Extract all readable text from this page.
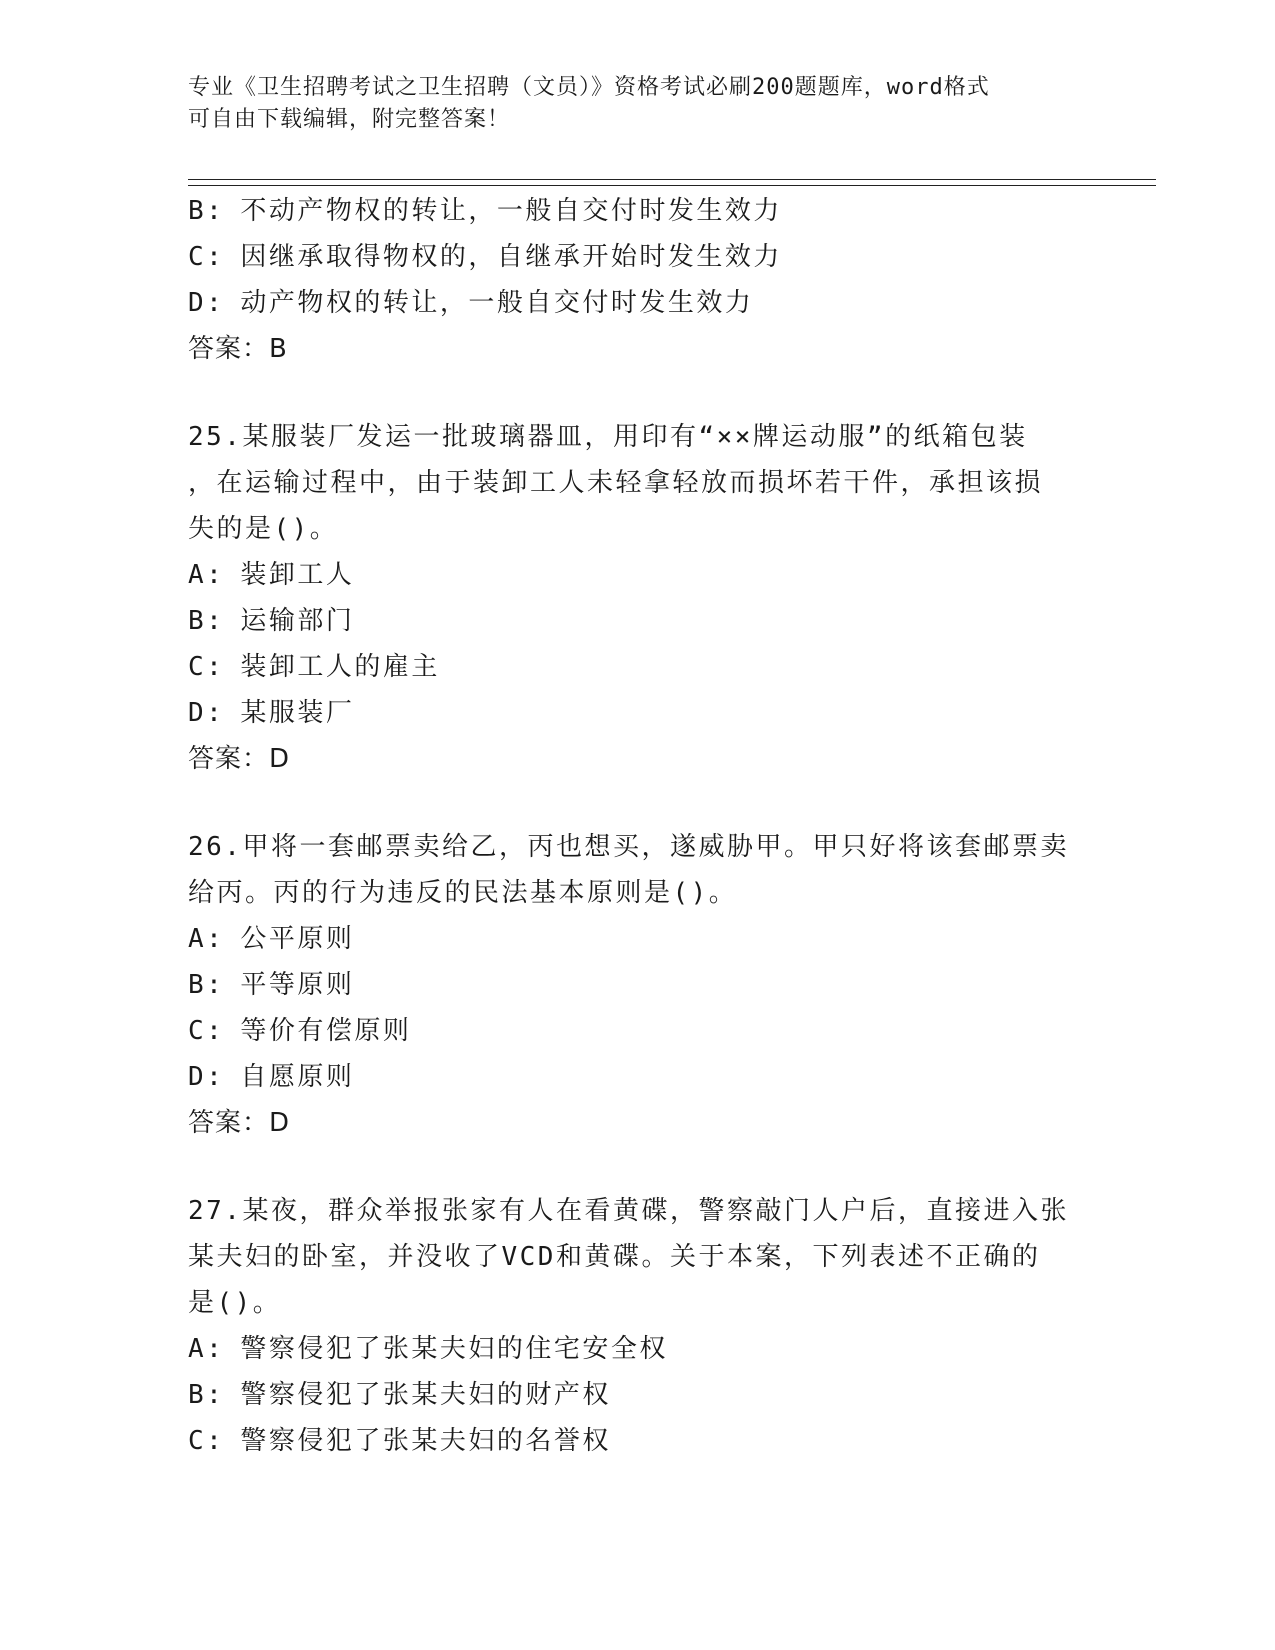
专业《卫生招聘考试之卫生招聘（文员）》资格考试必刷200题题库，word格式
可自由下载编辑，附完整答案！
B: 不动产物权的转让，一般自交付时发生效力
C: 因继承取得物权的，自继承开始时发生效力
D: 动产物权的转让，一般自交付时发生效力
答案：B
25.某服装厂发运一批玻璃器皿，用印有“××牌运动服”的纸箱包装
，在运输过程中，由于装卸工人未轻拿轻放而损坏若干件，承担该损
失的是()。
A: 装卸工人
B: 运输部门
C: 装卸工人的雇主
D: 某服装厂
答案：D
26.甲将一套邮票卖给乙，丙也想买，遂威胁甲。甲只好将该套邮票卖
给丙。丙的行为违反的民法基本原则是()。
A: 公平原则
B: 平等原则
C: 等价有偿原则
D: 自愿原则
答案：D
27.某夜，群众举报张家有人在看黄碟，警察敲门人户后，直接进入张
某夫妇的卧室，并没收了VCD和黄碟。关于本案，下列表述不正确的
是()。
A: 警察侵犯了张某夫妇的住宅安全权
B: 警察侵犯了张某夫妇的财产权
C: 警察侵犯了张某夫妇的名誉权
